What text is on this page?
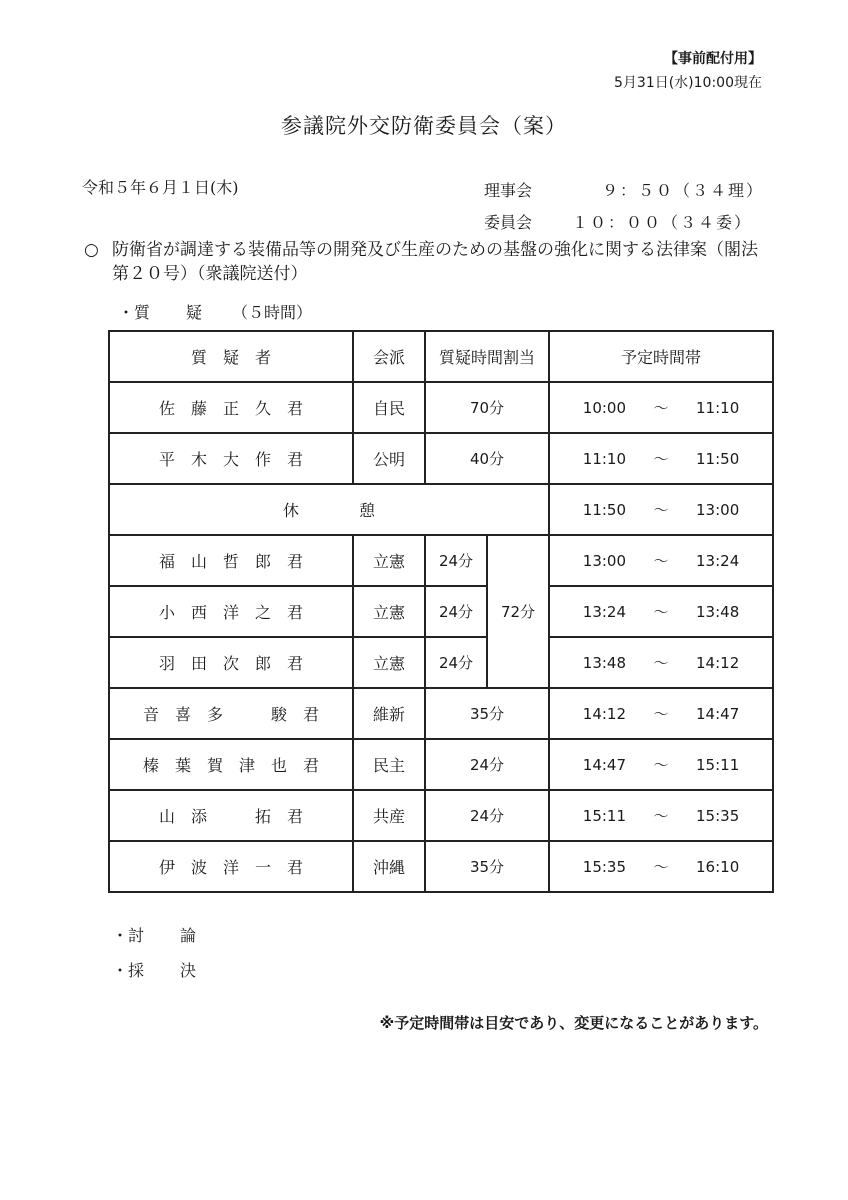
【事前配付用】
5月31日(水)10:00現在
参議院外交防衛委員会（案）
令和５年６月１日(木)	理事会	９：５０（３４理）
委員会 １０：００（３４委）
○ 防衛省が調達する装備品等の開発及び生産のための基盤の強化に関する法律案（閣法第２０号）（衆議院送付）
・質 疑 （５時間）
質　疑　者	会派	質疑時間割当		予定時間帯
佐藤正久君	自民	70分		10:00 ～ 11:10
平木大作君	公明	40分		11:10 ～ 11:50
休憩				11:50 ～ 13:00
福山哲郎君	立憲	24分	72分	13:00 ～ 13:24
小西洋之君	立憲	24分		13:24 ～ 13:48
羽田次郎君	立憲	24分		13:48 ～ 14:12
音喜多　駿君	維新	35分		14:12 ～ 14:47
榛葉賀津也君	民主	24分		14:47 ～ 15:11
山添　拓君	共産	24分		15:11 ～ 15:35
伊波洋一君	沖縄	35分		15:35 ～ 16:10
・討 論
・採 決
※予定時間帯は目安であり、変更になることがあります。
